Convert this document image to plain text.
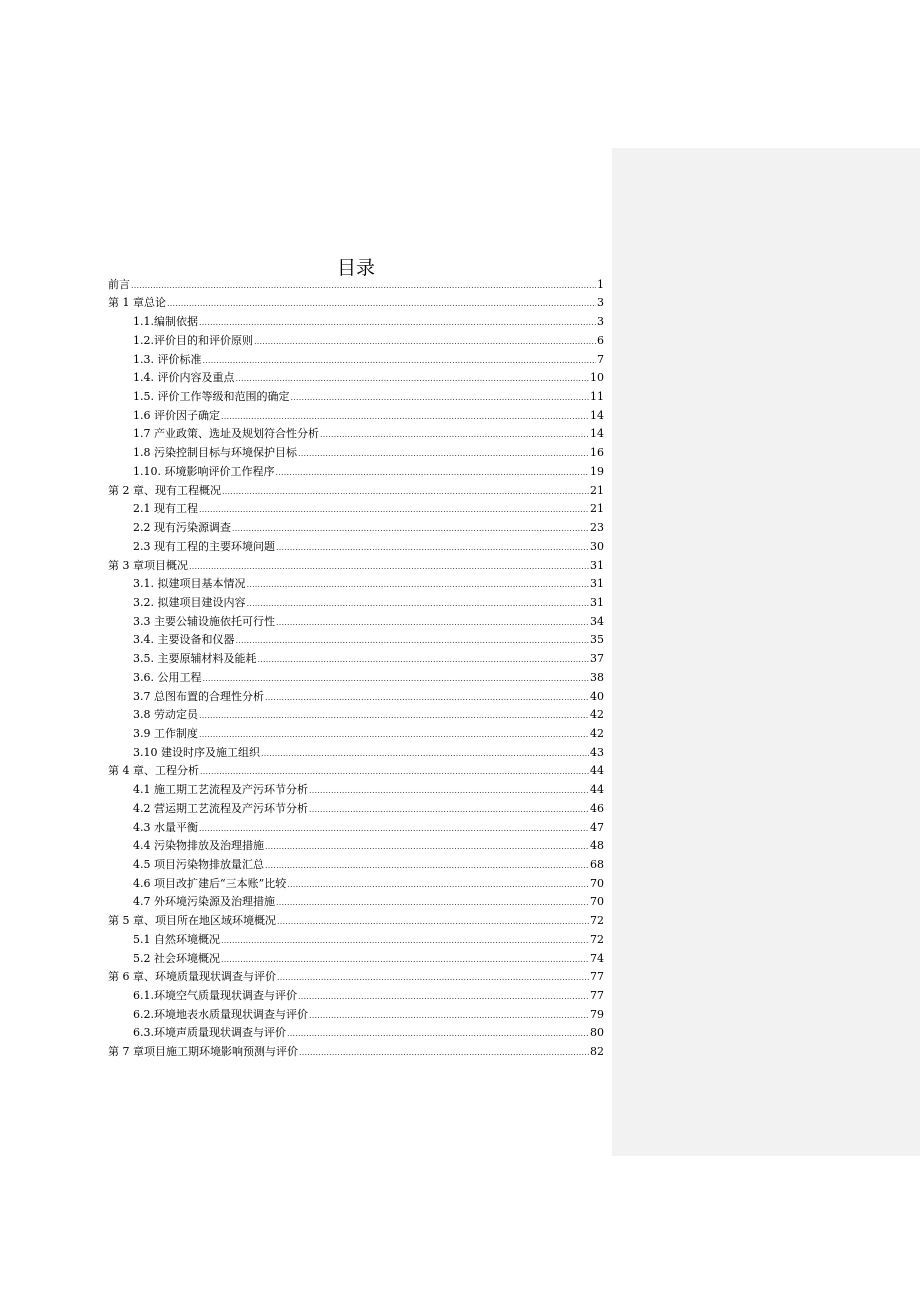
目录
前言 .....	1
第 1 章总论 .....	3
1.1.编制依据 .....	3
1.2.评价目的和评价原则 .....	6
1.3. 评价标准 .....	7
1.4. 评价内容及重点 .....	10
1.5. 评价工作等级和范围的确定 .....	11
1.6 评价因子确定 .....	14
1.7 产业政策、选址及规划符合性分析 .....	14
1.8 污染控制目标与环境保护目标 .....	16
1.10. 环境影响评价工作程序 .....	19
第 2 章、现有工程概况 .....	21
2.1 现有工程 .....	21
2.2 现有污染源调查 .....	23
2.3 现有工程的主要环境问题 .....	30
第 3 章项目概况 .....	31
3.1. 拟建项目基本情况 .....	31
3.2. 拟建项目建设内容 .....	31
3.3 主要公辅设施依托可行性 .....	34
3.4. 主要设备和仪器 .....	35
3.5. 主要原辅材料及能耗 .....	37
3.6. 公用工程 .....	38
3.7 总图布置的合理性分析 .....	40
3.8 劳动定员 .....	42
3.9 工作制度 .....	42
3.10 建设时序及施工组织 .....	43
第 4 章、工程分析 .....	44
4.1 施工期工艺流程及产污环节分析 .....	44
4.2 营运期工艺流程及产污环节分析 .....	46
4.3 水量平衡 .....	47
4.4 污染物排放及治理措施 .....	48
4.5 项目污染物排放量汇总 .....	68
4.6 项目改扩建后“三本账”比较 .....	70
4.7 外环境污染源及治理措施 .....	70
第 5 章、项目所在地区域环境概况 .....	72
5.1 自然环境概况 .....	72
5.2 社会环境概况 .....	74
第 6 章、环境质量现状调查与评价 .....	77
6.1.环境空气质量现状调查与评价 .....	77
6.2.环境地表水质量现状调查与评价 .....	79
6.3.环境声质量现状调查与评价 .....	80
第 7 章项目施工期环境影响预测与评价 .....	82
